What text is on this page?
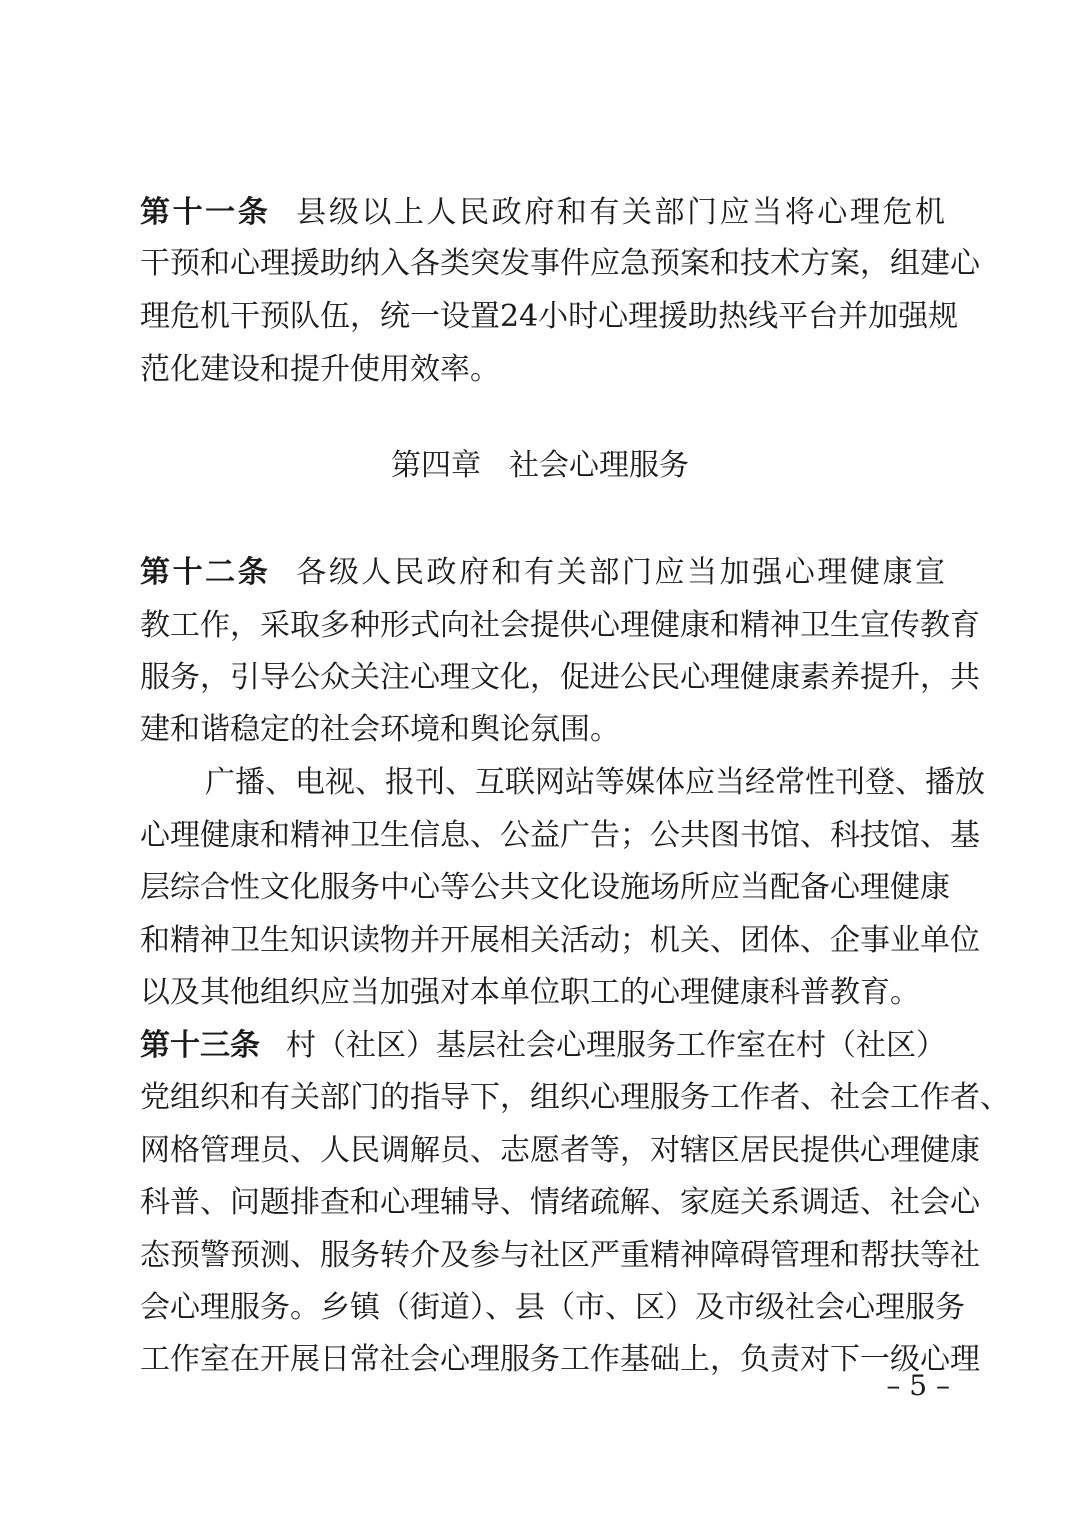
第十一条 县级以上人民政府和有关部门应当将心理危机
干预和心理援助纳入各类突发事件应急预案和技术方案，组建心
理危机干预队伍，统一设置24小时心理援助热线平台并加强规
范化建设和提升使用效率。
第四章 社会心理服务
第十二条 各级人民政府和有关部门应当加强心理健康宣
教工作，采取多种形式向社会提供心理健康和精神卫生宣传教育
服务，引导公众关注心理文化，促进公民心理健康素养提升，共
建和谐稳定的社会环境和舆论氛围。
广播、电视、报刊、互联网站等媒体应当经常性刊登、播放
心理健康和精神卫生信息、公益广告；公共图书馆、科技馆、基
层综合性文化服务中心等公共文化设施场所应当配备心理健康
和精神卫生知识读物并开展相关活动；机关、团体、企事业单位
以及其他组织应当加强对本单位职工的心理健康科普教育。
第十三条 村（社区）基层社会心理服务工作室在村（社区）
党组织和有关部门的指导下，组织心理服务工作者、社会工作者、
网格管理员、人民调解员、志愿者等，对辖区居民提供心理健康
科普、问题排查和心理辅导、情绪疏解、家庭关系调适、社会心
态预警预测、服务转介及参与社区严重精神障碍管理和帮扶等社
会心理服务。乡镇（街道）、县（市、区）及市级社会心理服务
工作室在开展日常社会心理服务工作基础上，负责对下一级心理
– 5 –
